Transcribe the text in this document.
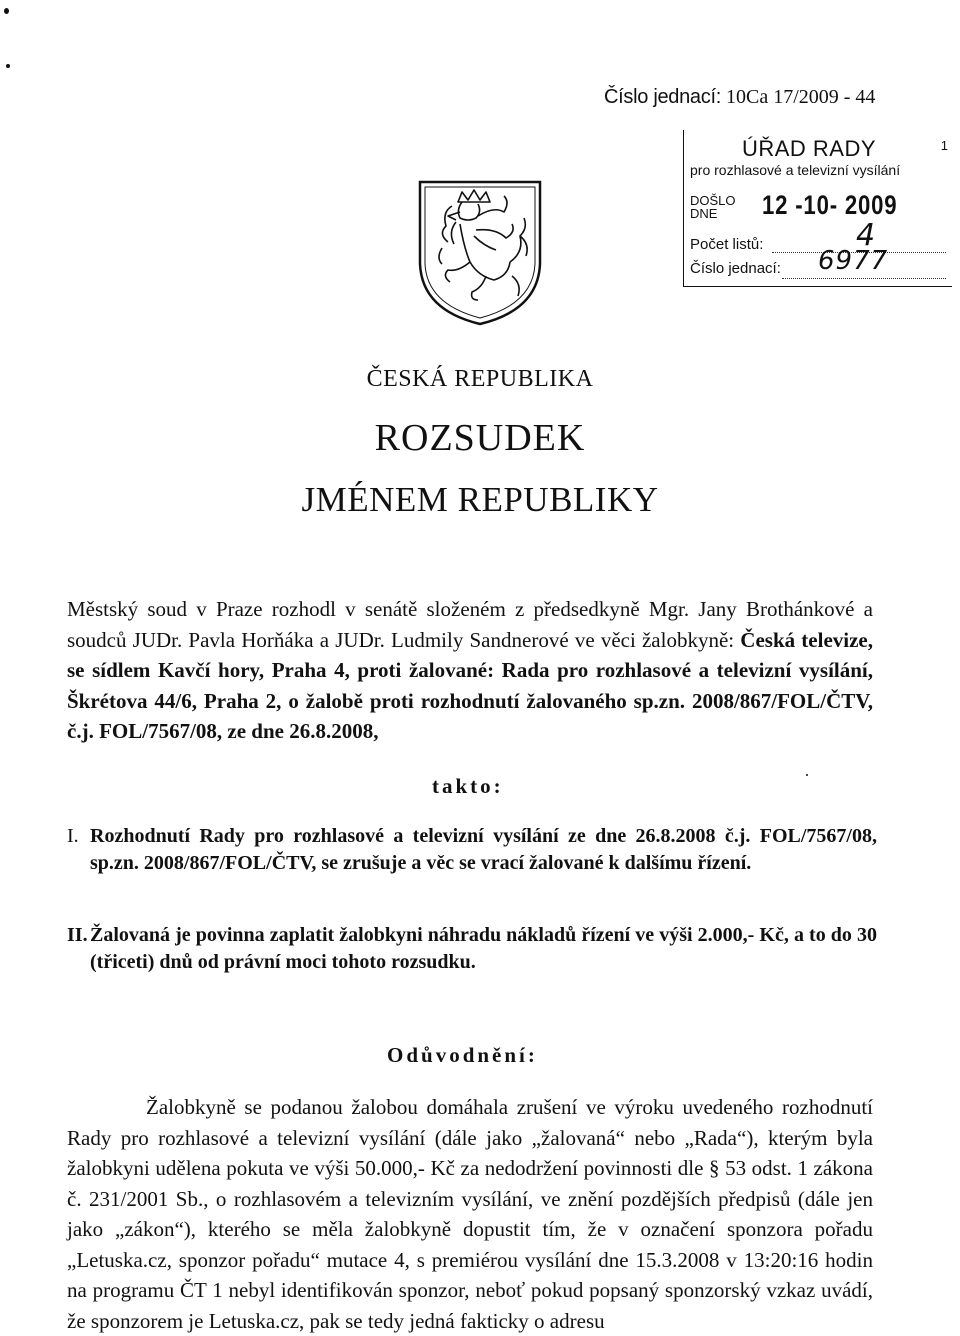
Číslo jednací: 10Ca 17/2009 - 44
ÚŘAD RADY	1
pro rozhlasové a televizní vysílání
DOŠLO
DNE	12 -10- 2009
Počet listů:	4
Číslo jednací: 6977
ČESKÁ REPUBLIKA
ROZSUDEK
JMÉNEM REPUBLIKY
Městský soud v Praze rozhodl v senátě složeném z předsedkyně Mgr. Jany Brothánkové a soudců JUDr. Pavla Horňáka a JUDr. Ludmily Sandnerové ve věci žalobkyně: Česká televize, se sídlem Kavčí hory, Praha 4, proti žalované: Rada pro rozhlasové a televizní vysílání, Škrétova 44/6, Praha 2, o žalobě proti rozhodnutí žalovaného sp.zn. 2008/867/FOL/ČTV, č.j. FOL/7567/08, ze dne 26.8.2008,
takto:
I. Rozhodnutí Rady pro rozhlasové a televizní vysílání ze dne 26.8.2008 č.j. FOL/7567/08, sp.zn. 2008/867/FOL/ČTV, se zrušuje a věc se vrací žalované k dalšímu řízení.
II. Žalovaná je povinna zaplatit žalobkyni náhradu nákladů řízení ve výši 2.000,- Kč, a to do 30 (třiceti) dnů od právní moci tohoto rozsudku.
Odůvodnění:
Žalobkyně se podanou žalobou domáhala zrušení ve výroku uvedeného rozhodnutí Rady pro rozhlasové a televizní vysílání (dále jako „žalovaná“ nebo „Rada“), kterým byla žalobkyni udělena pokuta ve výši 50.000,- Kč za nedodržení povinnosti dle § 53 odst. 1 zákona č. 231/2001 Sb., o rozhlasovém a televizním vysílání, ve znění pozdějších předpisů (dále jen jako „zákon“), kterého se měla žalobkyně dopustit tím, že v označení sponzora pořadu „Letuska.cz, sponzor pořadu“ mutace 4, s premiérou vysílání dne 15.3.2008 v 13:20:16 hodin na programu ČT 1 nebyl identifikován sponzor, neboť pokud popsaný sponzorský vzkaz uvádí, že sponzorem je Letuska.cz, pak se tedy jedná fakticky o adresu
